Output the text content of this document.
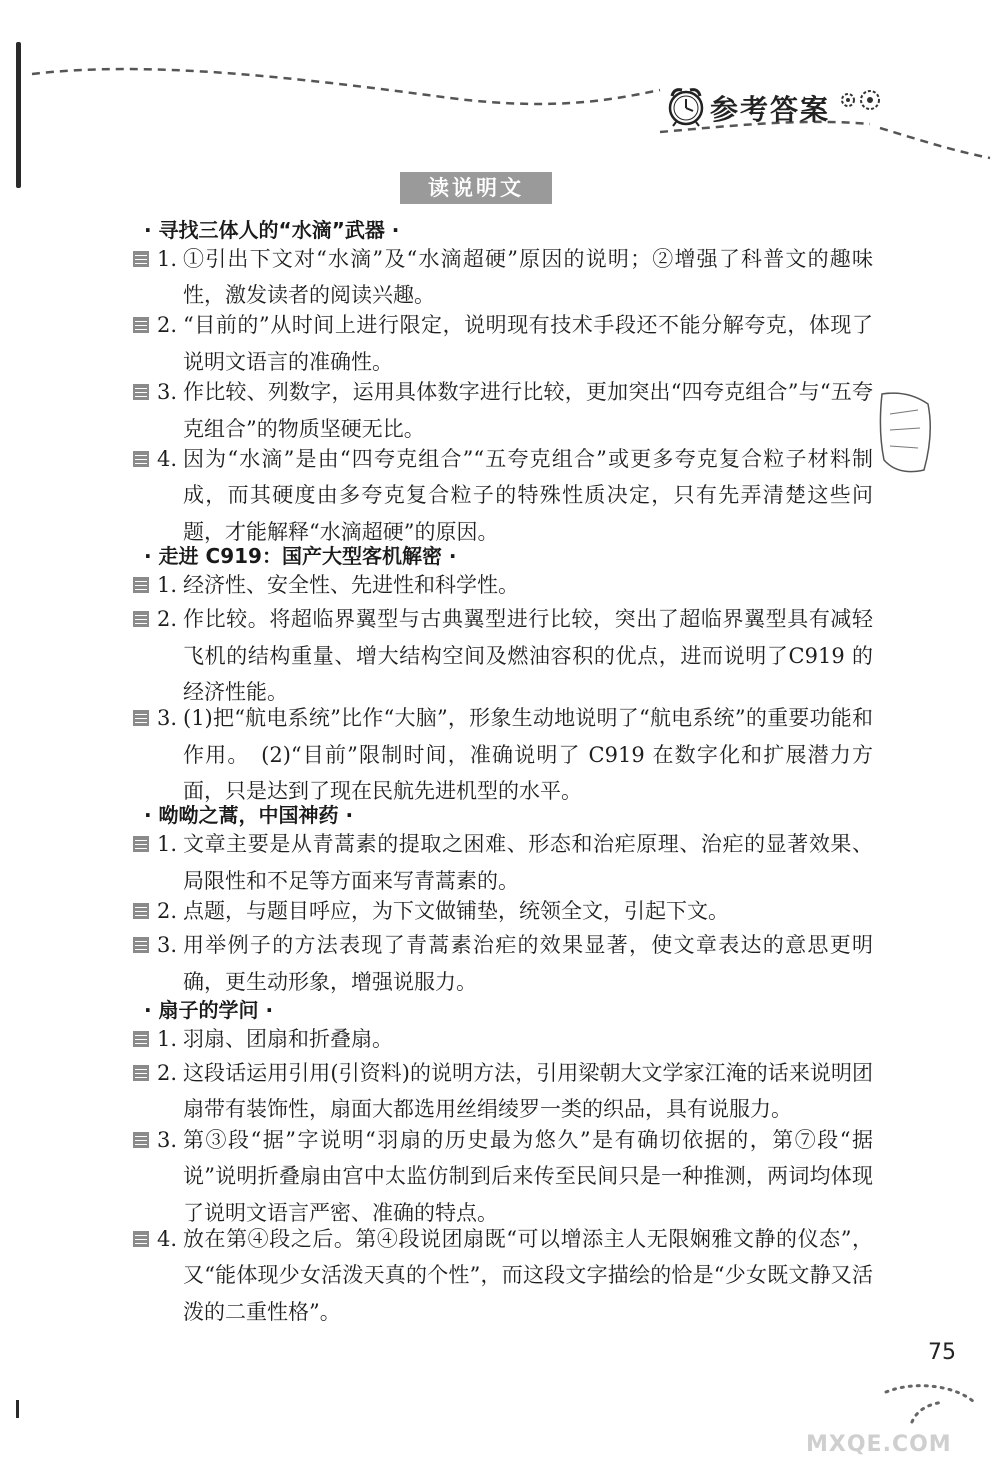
参考答案
读说明文
· 寻找三体人的“水滴”武器 ·
1. ①引出下文对“水滴”及“水滴超硬”原因的说明；②增强了科普文的趣味性，激发读者的阅读兴趣。
2. “目前的”从时间上进行限定，说明现有技术手段还不能分解夸克，体现了说明文语言的准确性。
3. 作比较、列数字，运用具体数字进行比较，更加突出“四夸克组合”与“五夸克组合”的物质坚硬无比。
4. 因为“水滴”是由“四夸克组合”“五夸克组合”或更多夸克复合粒子材料制成，而其硬度由多夸克复合粒子的特殊性质决定，只有先弄清楚这些问题，才能解释“水滴超硬”的原因。
· 走进 C919：国产大型客机解密 ·
1. 经济性、安全性、先进性和科学性。
2. 作比较。将超临界翼型与古典翼型进行比较，突出了超临界翼型具有减轻飞机的结构重量、增大结构空间及燃油容积的优点，进而说明了C919 的经济性能。
3. (1)把“航电系统”比作“大脑”，形象生动地说明了“航电系统”的重要功能和作用。　(2)“目前”限制时间，准确说明了 C919 在数字化和扩展潜力方面，只是达到了现在民航先进机型的水平。
· 呦呦之蒿，中国神药 ·
1. 文章主要是从青蒿素的提取之困难、形态和治疟原理、治疟的显著效果、局限性和不足等方面来写青蒿素的。
2. 点题，与题目呼应，为下文做铺垫，统领全文，引起下文。
3. 用举例子的方法表现了青蒿素治疟的效果显著，使文章表达的意思更明确，更生动形象，增强说服力。
· 扇子的学问 ·
1. 羽扇、团扇和折叠扇。
2. 这段话运用引用(引资料)的说明方法，引用梁朝大文学家江淹的话来说明团扇带有装饰性，扇面大都选用丝绢绫罗一类的织品，具有说服力。
3. 第③段“据”字说明“羽扇的历史最为悠久”是有确切依据的，第⑦段“据说”说明折叠扇由宫中太监仿制到后来传至民间只是一种推测，两词均体现了说明文语言严密、准确的特点。
4. 放在第④段之后。第④段说团扇既“可以增添主人无限娴雅文静的仪态”，又“能体现少女活泼天真的个性”，而这段文字描绘的恰是“少女既文静又活泼的二重性格”。
75
MXQE.COM
